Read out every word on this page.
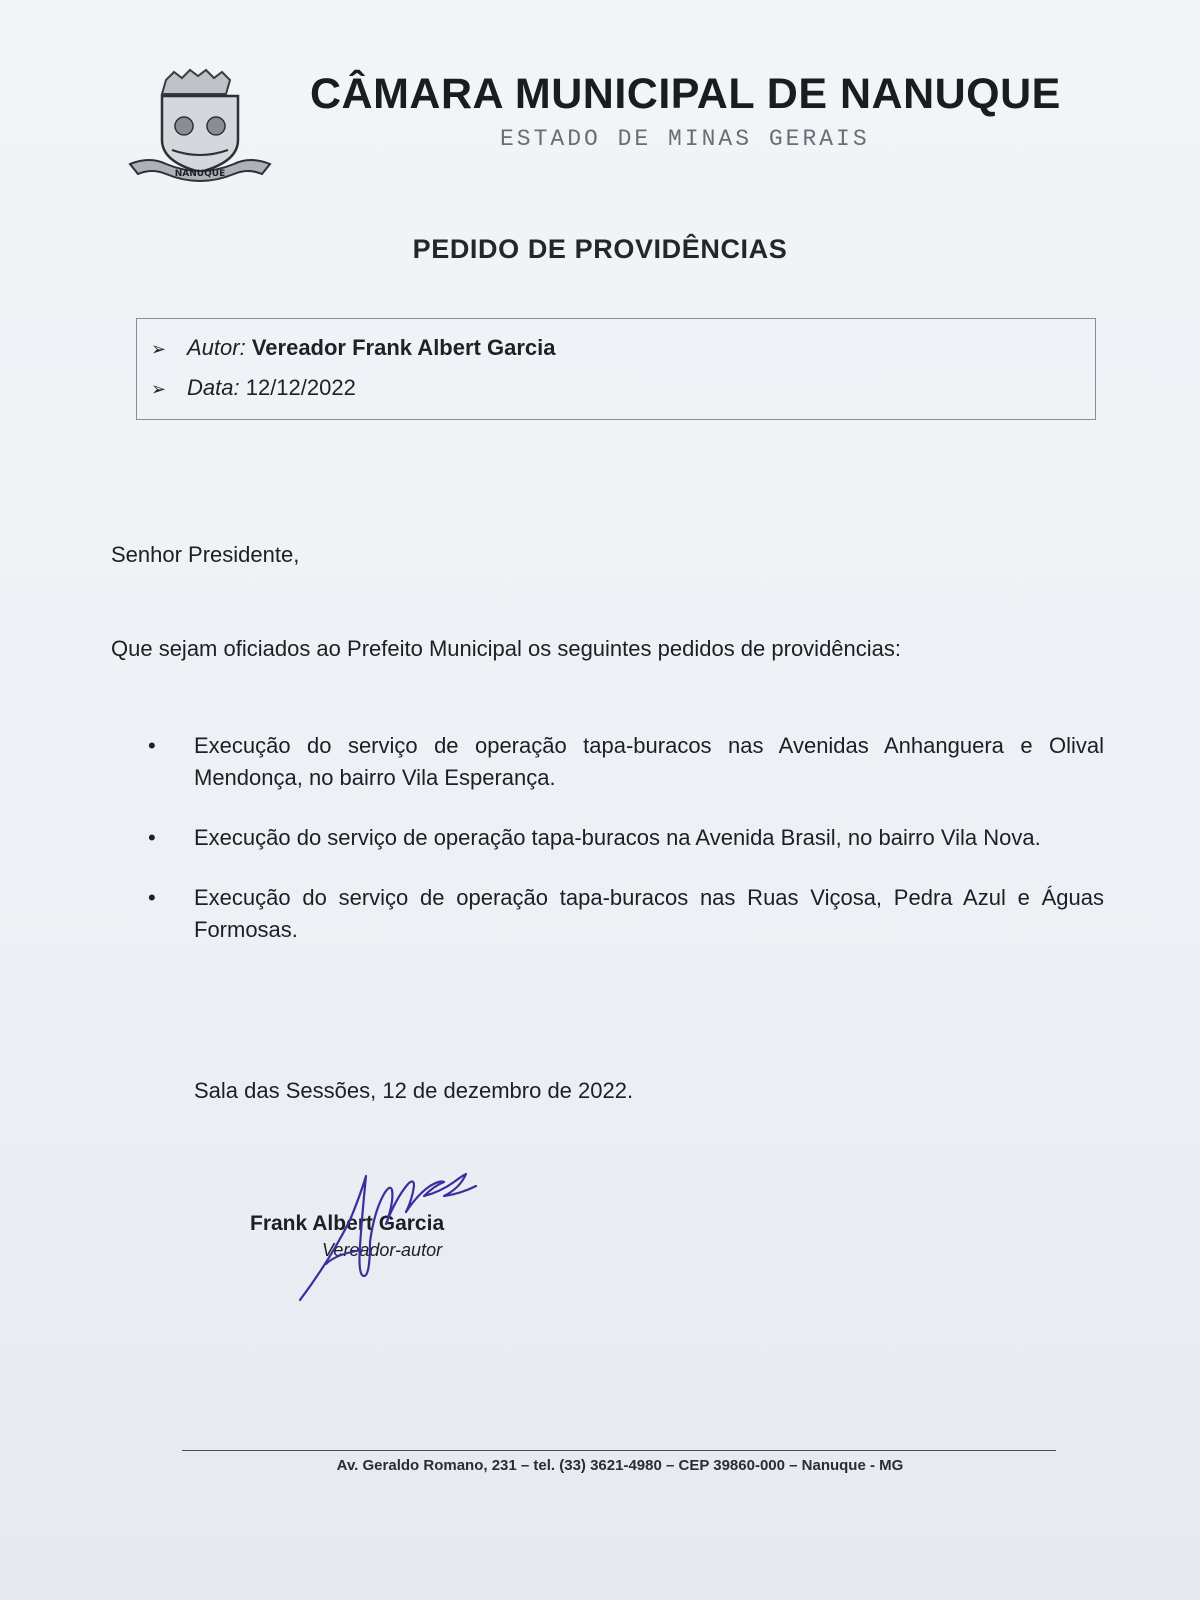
NANUQUE
CÂMARA MUNICIPAL DE NANUQUE
ESTADO DE MINAS GERAIS
PEDIDO DE PROVIDÊNCIAS
➢ Autor: Vereador Frank Albert Garcia
➢ Data: 12/12/2022
Senhor Presidente,
Que sejam oficiados ao Prefeito Municipal os seguintes pedidos de providências:
• Execução do serviço de operação tapa-buracos nas Avenidas Anhanguera e Olival Mendonça, no bairro Vila Esperança.
• Execução do serviço de operação tapa-buracos na Avenida Brasil, no bairro Vila Nova.
• Execução do serviço de operação tapa-buracos nas Ruas Viçosa, Pedra Azul e Águas Formosas.
Sala das Sessões, 12 de dezembro de 2022.
Frank Albert Garcia
Vereador-autor
Av. Geraldo Romano, 231 – tel. (33) 3621-4980 – CEP 39860-000 – Nanuque - MG
